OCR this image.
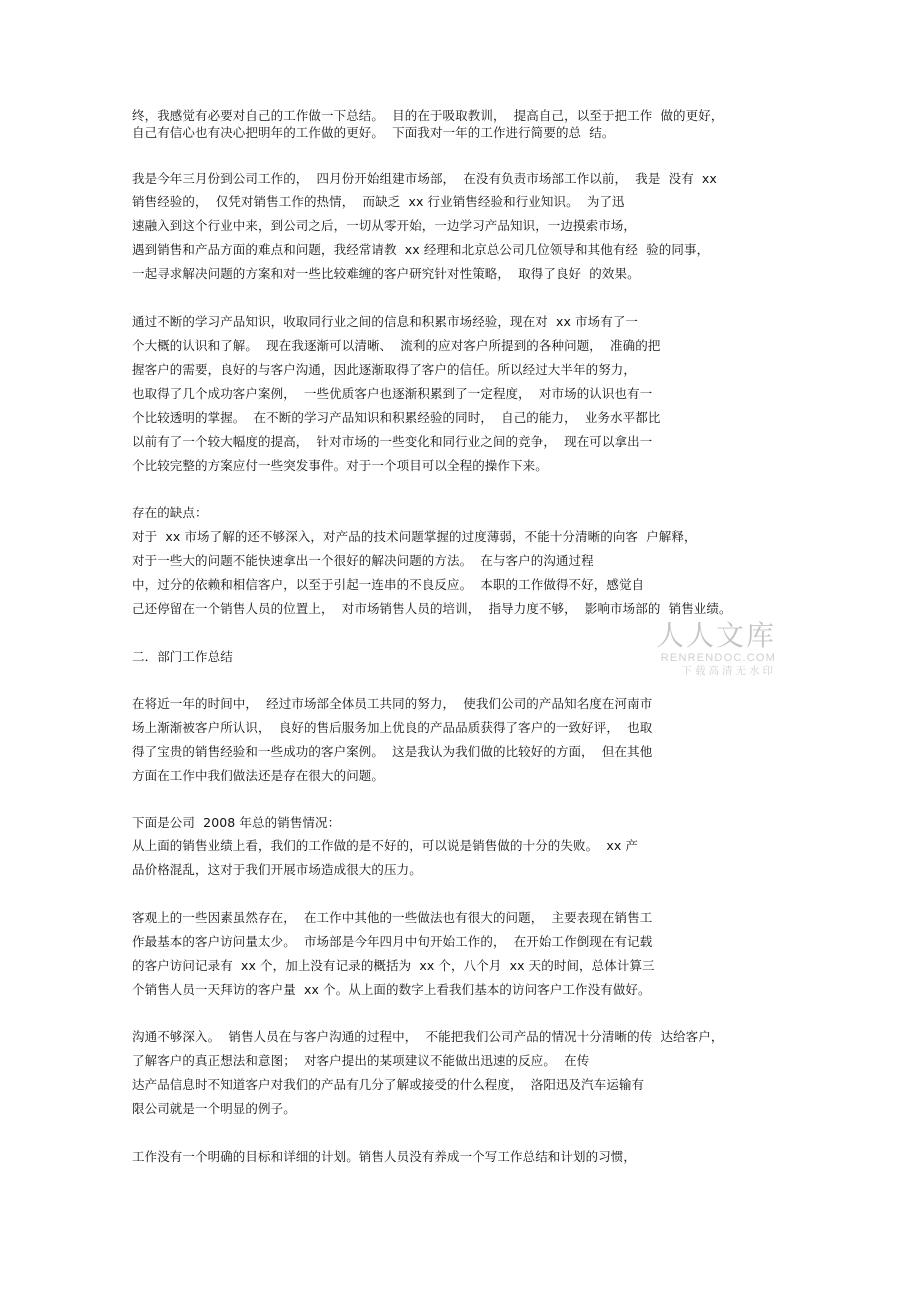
终，我感觉有必要对自己的工作做一下总结。  目的在于吸取教训，  提高自己，以至于把工作  做的更好，
自己有信心也有决心把明年的工作做的更好。  下面我对一年的工作进行简要的总  结。
我是今年三月份到公司工作的，  四月份开始组建市场部，  在没有负责市场部工作以前，  我是  没有  xx
销售经验的，  仅凭对销售工作的热情，  而缺乏  xx 行业销售经验和行业知识。  为了迅
速融入到这个行业中来，到公司之后，一切从零开始，一边学习产品知识，一边摸索市场，
遇到销售和产品方面的难点和问题，我经常请教  xx 经理和北京总公司几位领导和其他有经  验的同事，
一起寻求解决问题的方案和对一些比较难缠的客户研究针对性策略，  取得了良好  的效果。
通过不断的学习产品知识，收取同行业之间的信息和积累市场经验，现在对  xx 市场有了一
个大概的认识和了解。  现在我逐渐可以清晰、  流利的应对客户所提到的各种问题，  准确的把
握客户的需要，良好的与客户沟通，因此逐渐取得了客户的信任。所以经过大半年的努力，
也取得了几个成功客户案例，  一些优质客户也逐渐积累到了一定程度，  对市场的认识也有一
个比较透明的掌握。  在不断的学习产品知识和积累经验的同时，  自己的能力，  业务水平都比
以前有了一个较大幅度的提高，  针对市场的一些变化和同行业之间的竞争，  现在可以拿出一
个比较完整的方案应付一些突发事件。对于一个项目可以全程的操作下来。
存在的缺点：
对于  xx 市场了解的还不够深入，对产品的技术问题掌握的过度薄弱，不能十分清晰的向客  户解释，
对于一些大的问题不能快速拿出一个很好的解决问题的方法。  在与客户的沟通过程
中，过分的依赖和相信客户，以至于引起一连串的不良反应。  本职的工作做得不好，感觉自
己还停留在一个销售人员的位置上，  对市场销售人员的培训，  指导力度不够，  影响市场部的  销售业绩。
二．部门工作总结
在将近一年的时间中，  经过市场部全体员工共同的努力，  使我们公司的产品知名度在河南市
场上渐渐被客户所认识，  良好的售后服务加上优良的产品品质获得了客户的一致好评，  也取
得了宝贵的销售经验和一些成功的客户案例。  这是我认为我们做的比较好的方面，  但在其他
方面在工作中我们做法还是存在很大的问题。
下面是公司  2008 年总的销售情况：
从上面的销售业绩上看，我们的工作做的是不好的，可以说是销售做的十分的失败。  xx 产
品价格混乱，这对于我们开展市场造成很大的压力。
客观上的一些因素虽然存在，  在工作中其他的一些做法也有很大的问题，  主要表现在销售工
作最基本的客户访问量太少。  市场部是今年四月中旬开始工作的，  在开始工作倒现在有记载
的客户访问记录有  xx 个，加上没有记录的概括为  xx 个，八个月  xx 天的时间，总体计算三
个销售人员一天拜访的客户量  xx 个。从上面的数字上看我们基本的访问客户工作没有做好。
沟通不够深入。  销售人员在与客户沟通的过程中，  不能把我们公司产品的情况十分清晰的传  达给客户，
了解客户的真正想法和意图；  对客户提出的某项建议不能做出迅速的反应。  在传
达产品信息时不知道客户对我们的产品有几分了解或接受的什么程度，  洛阳迅及汽车运输有
限公司就是一个明显的例子。
工作没有一个明确的目标和详细的计划。销售人员没有养成一个写工作总结和计划的习惯，
人人文库
RENRENDOC.COM
下载高清无水印
